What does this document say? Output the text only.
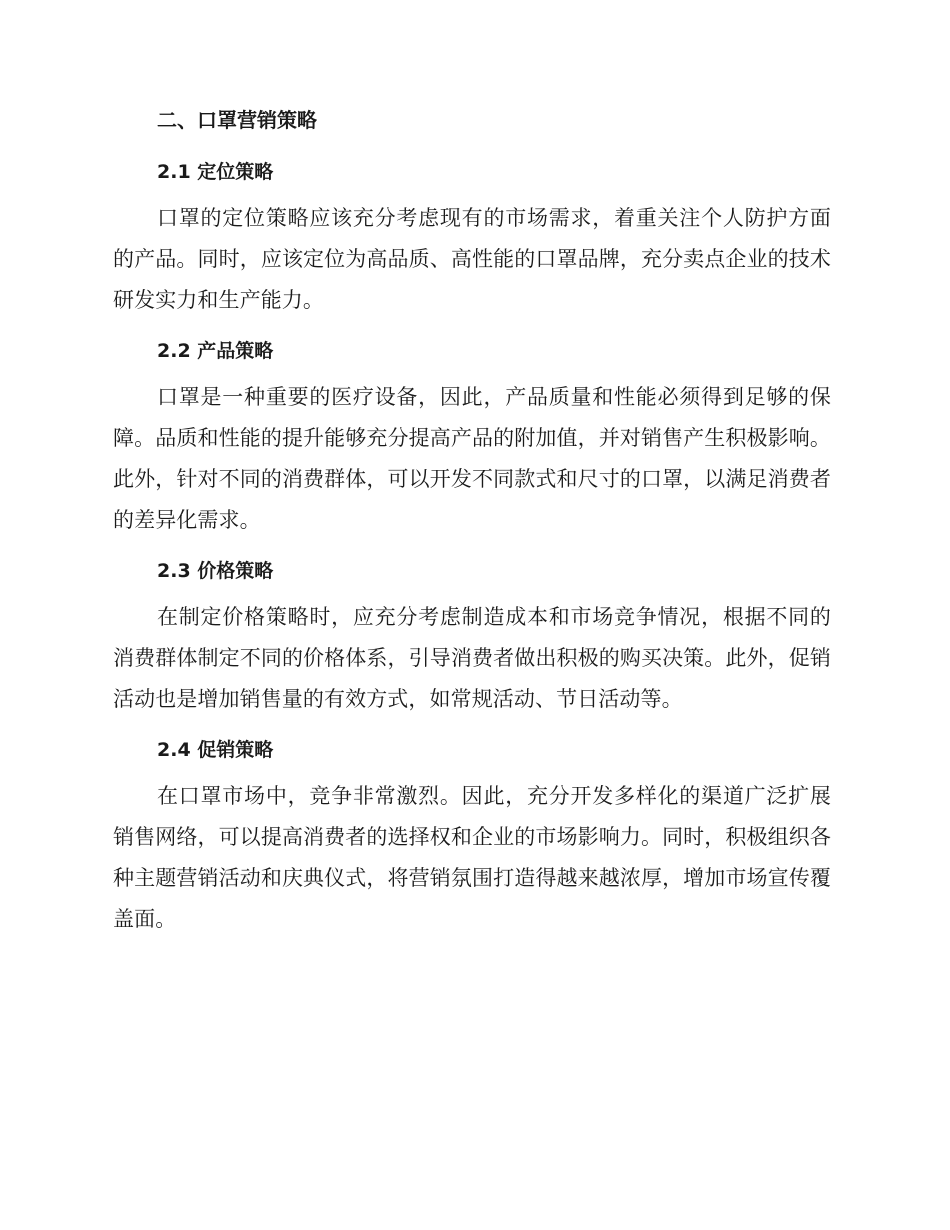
二、口罩营销策略
2.1 定位策略

口罩的定位策略应该充分考虑现有的市场需求，着重关注个人防护方面的产品。同时，应该定位为高品质、高性能的口罩品牌，充分卖点企业的技术研发实力和生产能力。

2.2 产品策略

口罩是一种重要的医疗设备，因此，产品质量和性能必须得到足够的保障。品质和性能的提升能够充分提高产品的附加值，并对销售产生积极影响。此外，针对不同的消费群体，可以开发不同款式和尺寸的口罩，以满足消费者的差异化需求。

2.3 价格策略

在制定价格策略时，应充分考虑制造成本和市场竞争情况，根据不同的消费群体制定不同的价格体系，引导消费者做出积极的购买决策。此外，促销活动也是增加销售量的有效方式，如常规活动、节日活动等。

2.4 促销策略

在口罩市场中，竞争非常激烈。因此，充分开发多样化的渠道广泛扩展销售网络，可以提高消费者的选择权和企业的市场影响力。同时，积极组织各种主题营销活动和庆典仪式，将营销氛围打造得越来越浓厚，增加市场宣传覆盖面。
